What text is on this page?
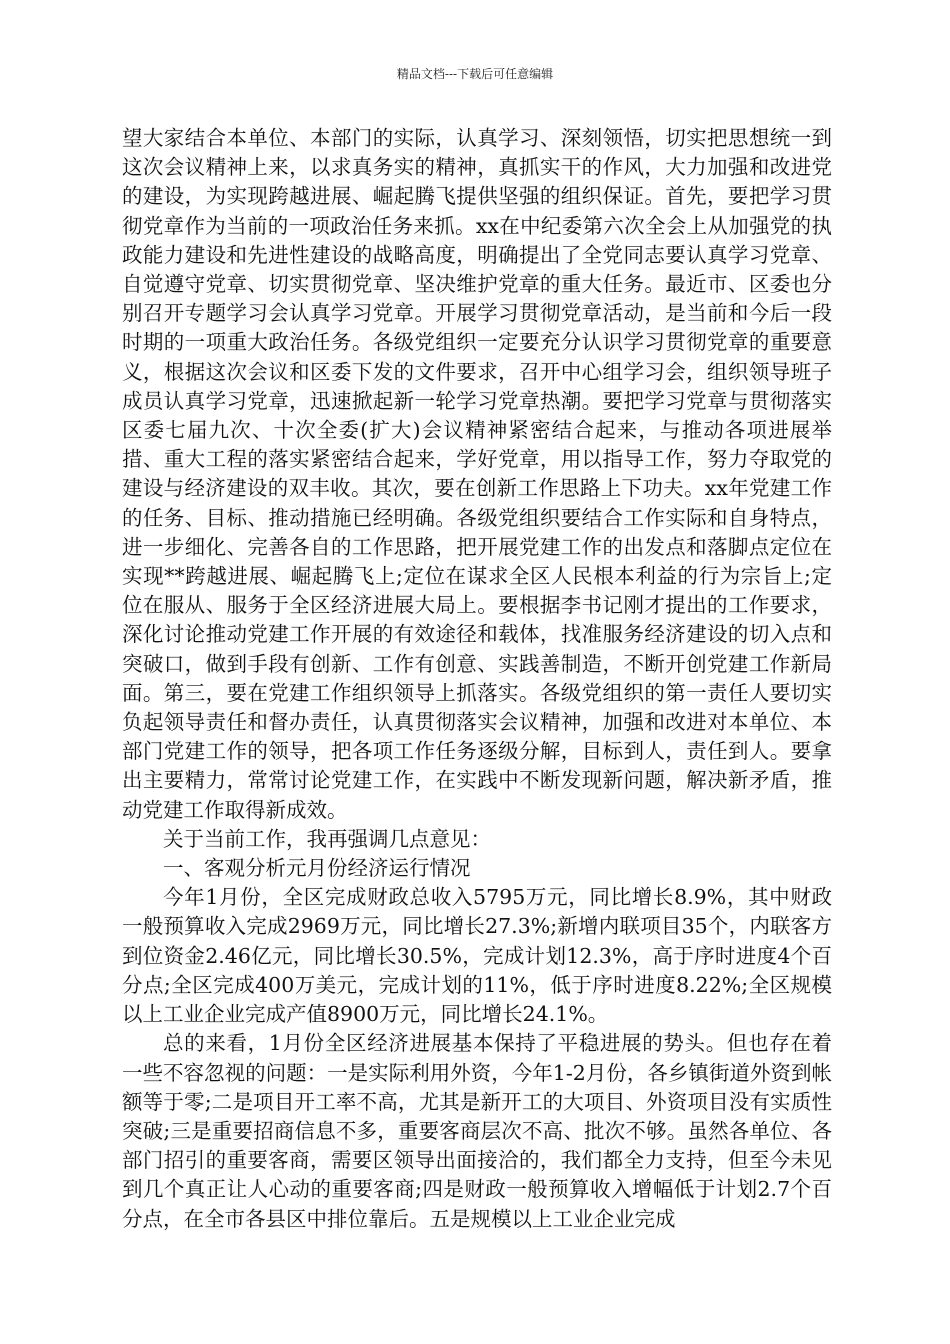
精品文档---下载后可任意编辑

望大家结合本单位、本部门的实际，认真学习、深刻领悟，切实把思想统一到这次会议精神上来，以求真务实的精神，真抓实干的作风，大力加强和改进党的建设，为实现跨越进展、崛起腾飞提供坚强的组织保证。首先，要把学习贯彻党章作为当前的一项政治任务来抓。xx在中纪委第六次全会上从加强党的执政能力建设和先进性建设的战略高度，明确提出了全党同志要认真学习党章、自觉遵守党章、切实贯彻党章、坚决维护党章的重大任务。最近市、区委也分别召开专题学习会认真学习党章。开展学习贯彻党章活动，是当前和今后一段时期的一项重大政治任务。各级党组织一定要充分认识学习贯彻党章的重要意义，根据这次会议和区委下发的文件要求，召开中心组学习会，组织领导班子成员认真学习党章，迅速掀起新一轮学习党章热潮。要把学习党章与贯彻落实区委七届九次、十次全委(扩大)会议精神紧密结合起来，与推动各项进展举措、重大工程的落实紧密结合起来，学好党章，用以指导工作，努力夺取党的建设与经济建设的双丰收。其次，要在创新工作思路上下功夫。xx年党建工作的任务、目标、推动措施已经明确。各级党组织要结合工作实际和自身特点，进一步细化、完善各自的工作思路，把开展党建工作的出发点和落脚点定位在实现**跨越进展、崛起腾飞上;定位在谋求全区人民根本利益的行为宗旨上;定位在服从、服务于全区经济进展大局上。要根据李书记刚才提出的工作要求，深化讨论推动党建工作开展的有效途径和载体，找准服务经济建设的切入点和突破口，做到手段有创新、工作有创意、实践善制造，不断开创党建工作新局面。第三，要在党建工作组织领导上抓落实。各级党组织的第一责任人要切实负起领导责任和督办责任，认真贯彻落实会议精神，加强和改进对本单位、本部门党建工作的领导，把各项工作任务逐级分解，目标到人，责任到人。要拿出主要精力，常常讨论党建工作，在实践中不断发现新问题，解决新矛盾，推动党建工作取得新成效。

关于当前工作，我再强调几点意见：

一、客观分析元月份经济运行情况

今年1月份，全区完成财政总收入5795万元，同比增长8.9%，其中财政一般预算收入完成2969万元，同比增长27.3%;新增内联项目35个，内联客方到位资金2.46亿元，同比增长30.5%，完成计划12.3%，高于序时进度4个百分点;全区完成400万美元，完成计划的11%，低于序时进度8.22%;全区规模以上工业企业完成产值8900万元，同比增长24.1%。

总的来看，1月份全区经济进展基本保持了平稳进展的势头。但也存在着一些不容忽视的问题：一是实际利用外资，今年1-2月份，各乡镇街道外资到帐额等于零;二是项目开工率不高，尤其是新开工的大项目、外资项目没有实质性突破;三是重要招商信息不多，重要客商层次不高、批次不够。虽然各单位、各部门招引的重要客商，需要区领导出面接洽的，我们都全力支持，但至今未见到几个真正让人心动的重要客商;四是财政一般预算收入增幅低于计划2.7个百分点，在全市各县区中排位靠后。五是规模以上工业企业完成
